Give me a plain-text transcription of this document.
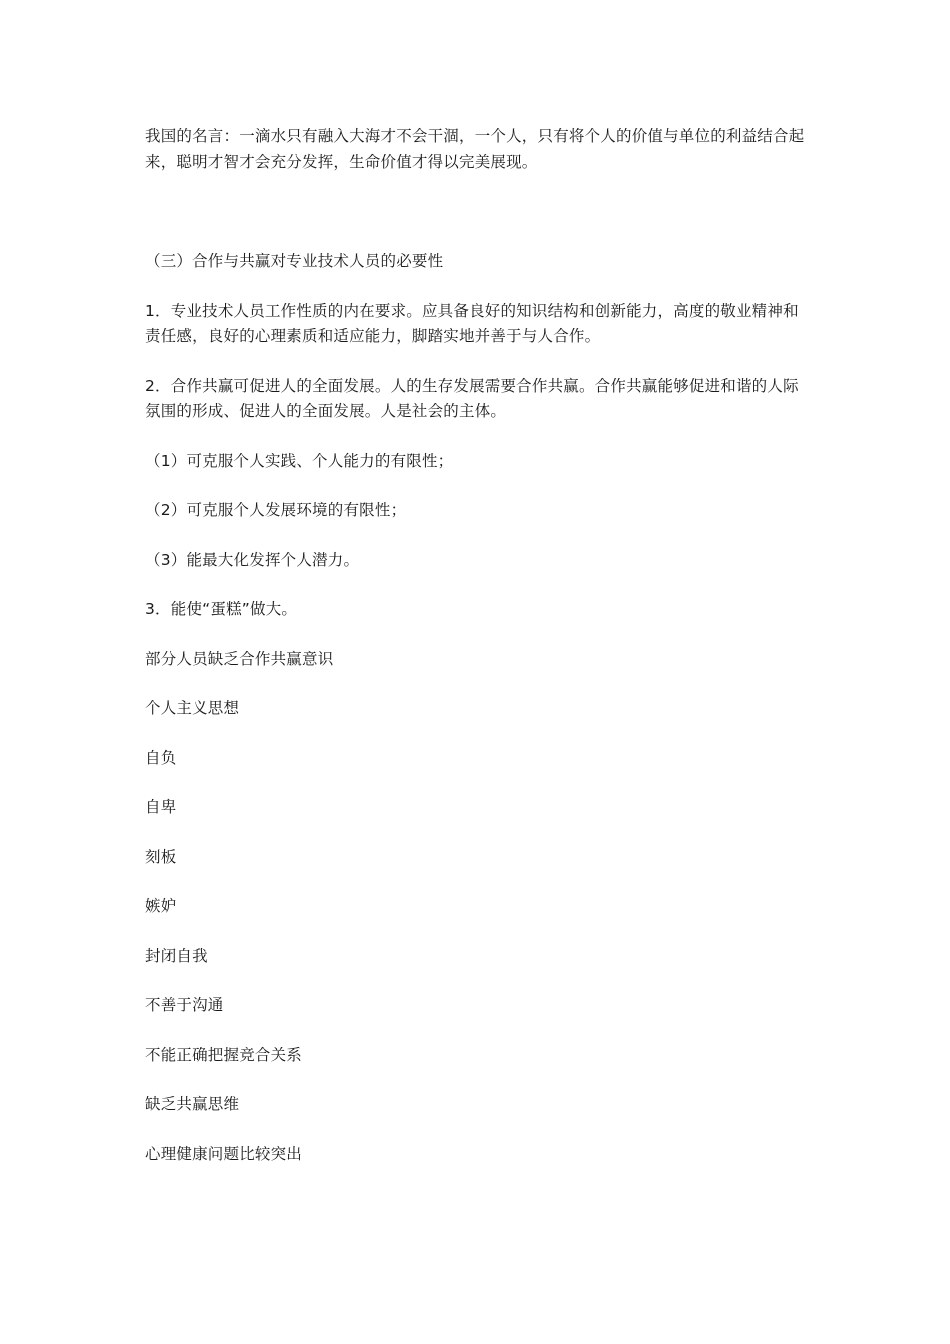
我国的名言：一滴水只有融入大海才不会干涸，一个人，只有将个人的价值与单位的利益结合起来，聪明才智才会充分发挥，生命价值才得以完美展现。

（三）合作与共赢对专业技术人员的必要性

1．专业技术人员工作性质的内在要求。应具备良好的知识结构和创新能力，高度的敬业精神和责任感，良好的心理素质和适应能力，脚踏实地并善于与人合作。

2．合作共赢可促进人的全面发展。人的生存发展需要合作共赢。合作共赢能够促进和谐的人际氛围的形成、促进人的全面发展。人是社会的主体。

（1）可克服个人实践、个人能力的有限性；

（2）可克服个人发展环境的有限性；

（3）能最大化发挥个人潜力。

3．能使“蛋糕”做大。

部分人员缺乏合作共赢意识

个人主义思想

自负

自卑

刻板

嫉妒

封闭自我

不善于沟通

不能正确把握竞合关系

缺乏共赢思维

心理健康问题比较突出
